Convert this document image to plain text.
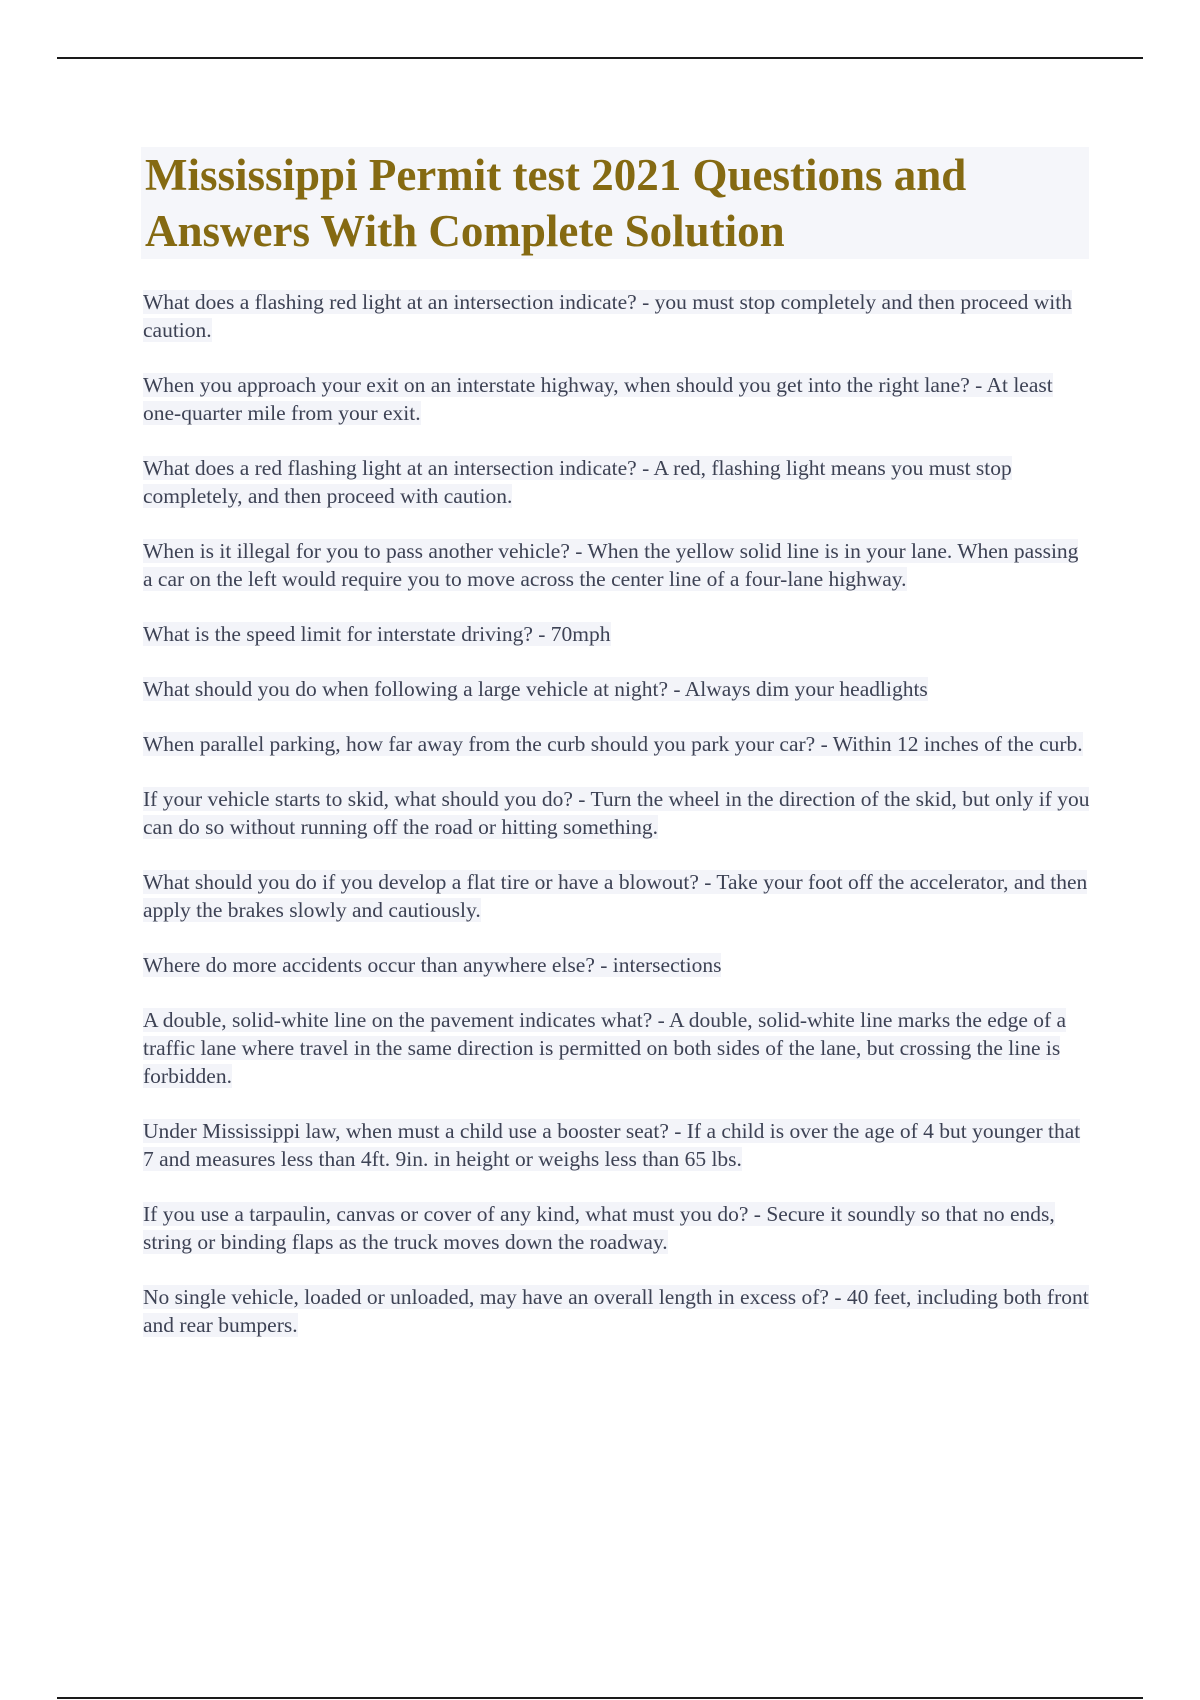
Mississippi Permit test 2021 Questions and Answers With Complete Solution

What does a flashing red light at an intersection indicate? - you must stop completely and then proceed with caution.

When you approach your exit on an interstate highway, when should you get into the right lane? - At least one-quarter mile from your exit.

What does a red flashing light at an intersection indicate? - A red, flashing light means you must stop completely, and then proceed with caution.

When is it illegal for you to pass another vehicle? - When the yellow solid line is in your lane. When passing a car on the left would require you to move across the center line of a four-lane highway.

What is the speed limit for interstate driving? - 70mph

What should you do when following a large vehicle at night? - Always dim your headlights

When parallel parking, how far away from the curb should you park your car? - Within 12 inches of the curb.

If your vehicle starts to skid, what should you do? - Turn the wheel in the direction of the skid, but only if you can do so without running off the road or hitting something.

What should you do if you develop a flat tire or have a blowout? - Take your foot off the accelerator, and then apply the brakes slowly and cautiously.

Where do more accidents occur than anywhere else? - intersections

A double, solid-white line on the pavement indicates what? - A double, solid-white line marks the edge of a traffic lane where travel in the same direction is permitted on both sides of the lane, but crossing the line is forbidden.

Under Mississippi law, when must a child use a booster seat? - If a child is over the age of 4 but younger that 7 and measures less than 4ft. 9in. in height or weighs less than 65 lbs.

If you use a tarpaulin, canvas or cover of any kind, what must you do? - Secure it soundly so that no ends, string or binding flaps as the truck moves down the roadway.

No single vehicle, loaded or unloaded, may have an overall length in excess of? - 40 feet, including both front and rear bumpers.
